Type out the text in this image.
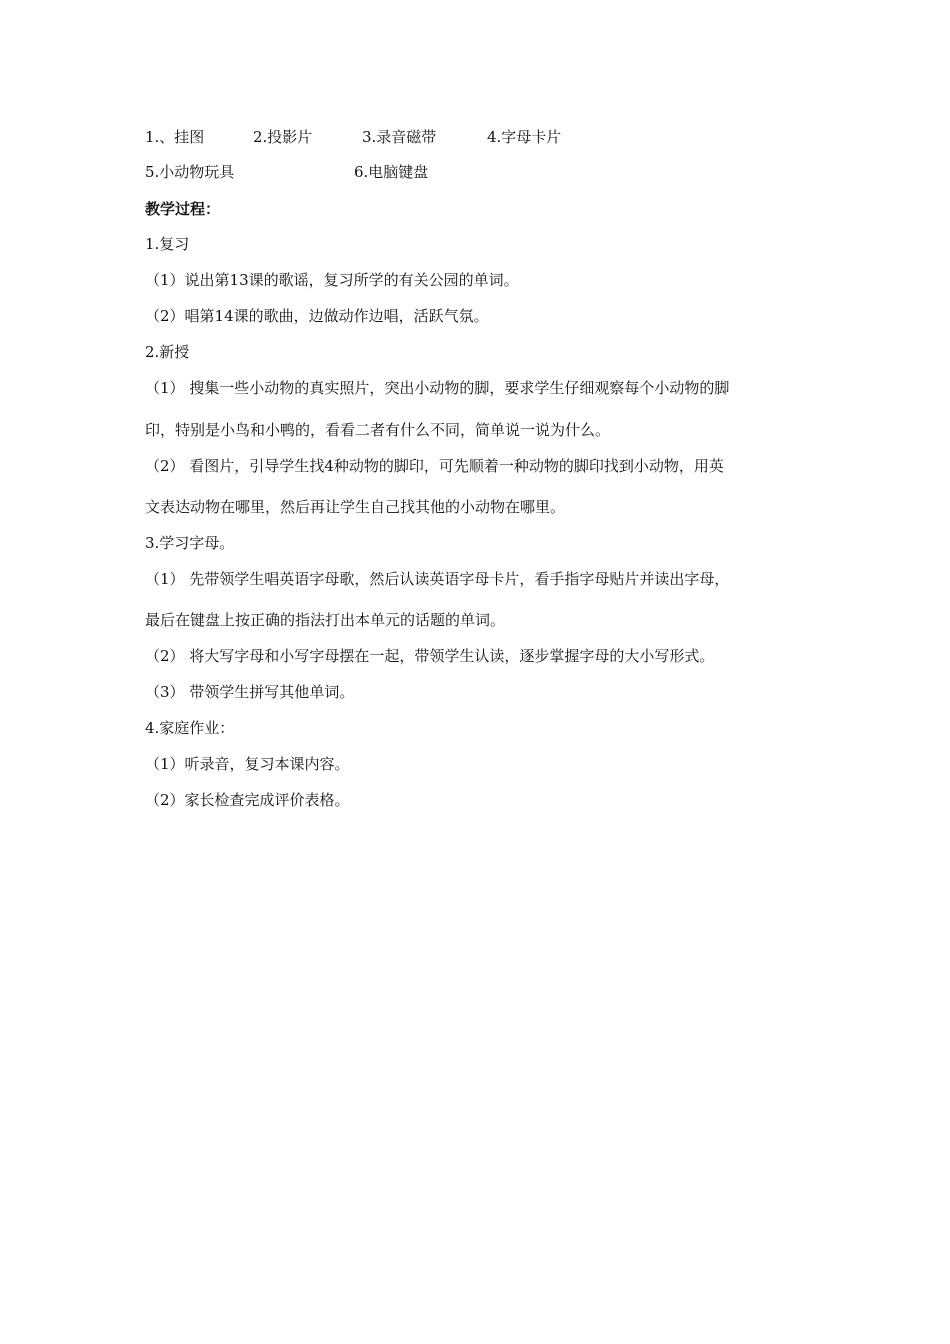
1.、挂图	2.投影片	3.录音磁带	4.字母卡片
5.小动物玩具	6.电脑键盘
教学过程：
1.复习
（1）说出第13课的歌谣，复习所学的有关公园的单词。
（2）唱第14课的歌曲，边做动作边唱，活跃气氛。
2.新授
（1） 搜集一些小动物的真实照片，突出小动物的脚，要求学生仔细观察每个小动物的脚
印，特别是小鸟和小鸭的，看看二者有什么不同，简单说一说为什么。
（2） 看图片，引导学生找4种动物的脚印，可先顺着一种动物的脚印找到小动物，用英
文表达动物在哪里，然后再让学生自己找其他的小动物在哪里。
3.学习字母。
（1） 先带领学生唱英语字母歌，然后认读英语字母卡片，看手指字母贴片并读出字母，
最后在键盘上按正确的指法打出本单元的话题的单词。
（2） 将大写字母和小写字母摆在一起，带领学生认读，逐步掌握字母的大小写形式。
（3） 带领学生拼写其他单词。
4.家庭作业：
（1）听录音，复习本课内容。
（2）家长检查完成评价表格。
